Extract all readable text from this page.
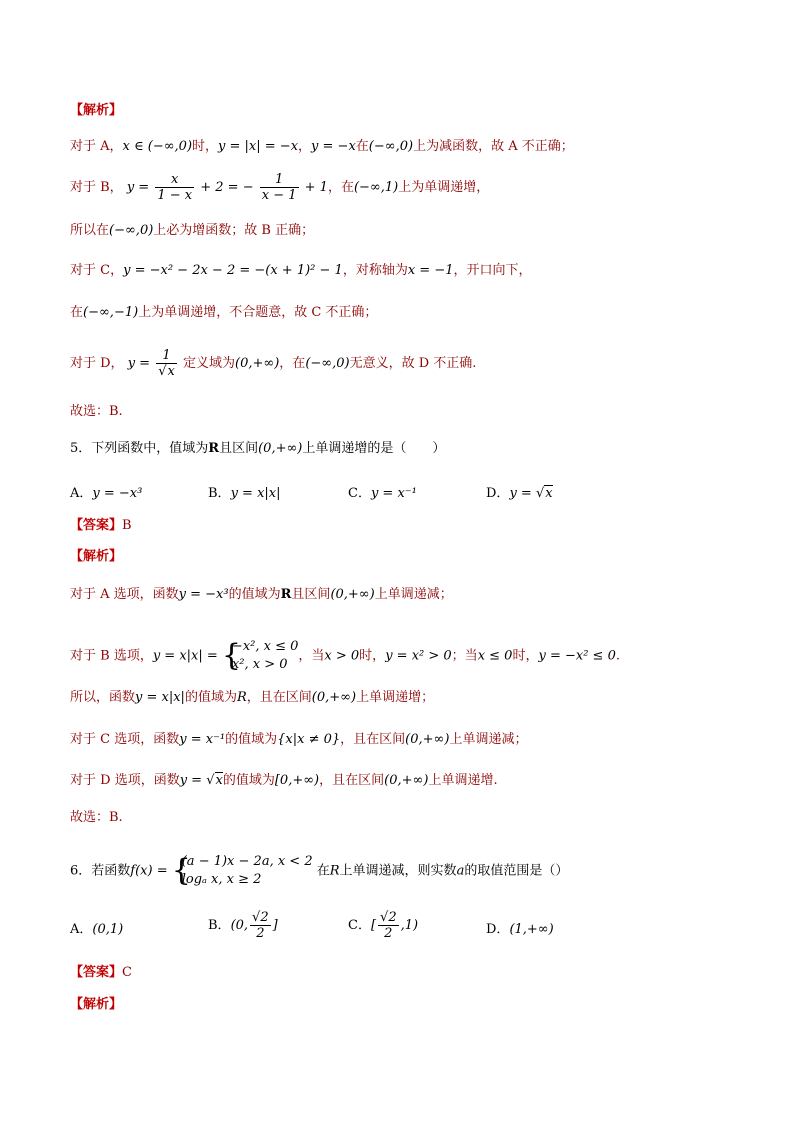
【解析】
对于 A，x ∈ (−∞,0)时，y = |x| = −x，y = −x在(−∞,0)上为减函数，故 A 不正确；
对于 B， $y = \frac{x}{1 - x} + 2$ = − $\frac{1}{x - 1} + 1$，在(−∞,1)上为单调递增，
所以在(−∞,0)上必为增函数；故 B 正确；
对于 C，y = −x² − 2x − 2 = −(x + 1)² − 1，对称轴为x = −1，开口向下，
在(−∞,−1)上为单调递增，不合题意，故 C 不正确；
对于 D， $y = \frac{1}{√x}$ 定义域为(0,+∞)，在(−∞,0)无意义，故 D 不正确.
故选：B.
5．下列函数中，值域为R且区间(0,+∞)上单调递增的是（　　）
A．y = −x³	B．y = x|x|	C．y = x⁻¹	D．y = √x
【答案】B
【解析】
对于 A 选项，函数y = −x³的值域为R且区间(0,+∞)上单调递减；
对于 B 选项，y = x|x| = {
−x², x ≤ 0
x², x > 0
，当x > 0时，y = x² > 0；当x ≤ 0时，y = −x² ≤ 0.
所以，函数y = x|x|的值域为R，且在区间(0,+∞)上单调递增；
对于 C 选项，函数y = x⁻¹的值域为{x|x ≠ 0}，且在区间(0,+∞)上单调递减；
对于 D 选项，函数y = √x的值域为[0,+∞)，且在区间(0,+∞)上单调递增.
故选：B.
6．若函数f(x) = {
(a − 1)x − 2a, x < 2
logₐ x, x ≥ 2
在R上单调递减，则实数a的取值范围是（）
A．(0,1)	B．(0, $\frac{√2}{2}$ ]	C．[ $\frac{√2}{2} ,1$)	D．(1,+∞)
【答案】C
【解析】
